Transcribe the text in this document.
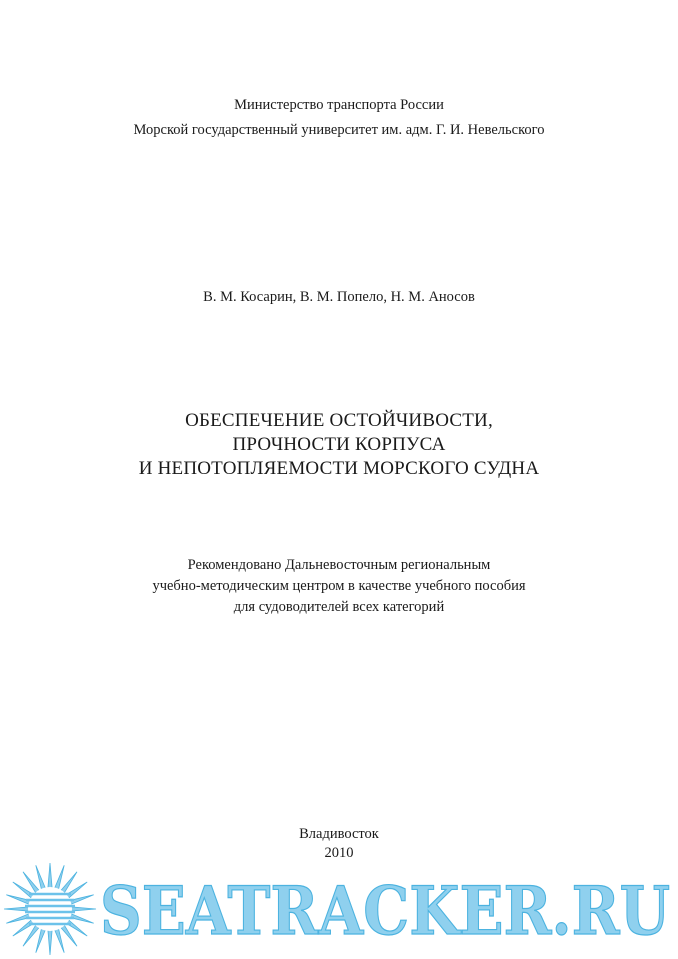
Министерство транспорта России
Морской государственный университет им. адм. Г. И. Невельского
В. М. Косарин, В. М. Попело, Н. М. Аносов
ОБЕСПЕЧЕНИЕ ОСТОЙЧИВОСТИ,
ПРОЧНОСТИ КОРПУСА
И НЕПОТОПЛЯЕМОСТИ МОРСКОГО СУДНА
Рекомендовано Дальневосточным региональным
учебно-методическим центром в качестве учебного пособия
для судоводителей всех категорий
Владивосток
2010
SEATRACKER.RU
